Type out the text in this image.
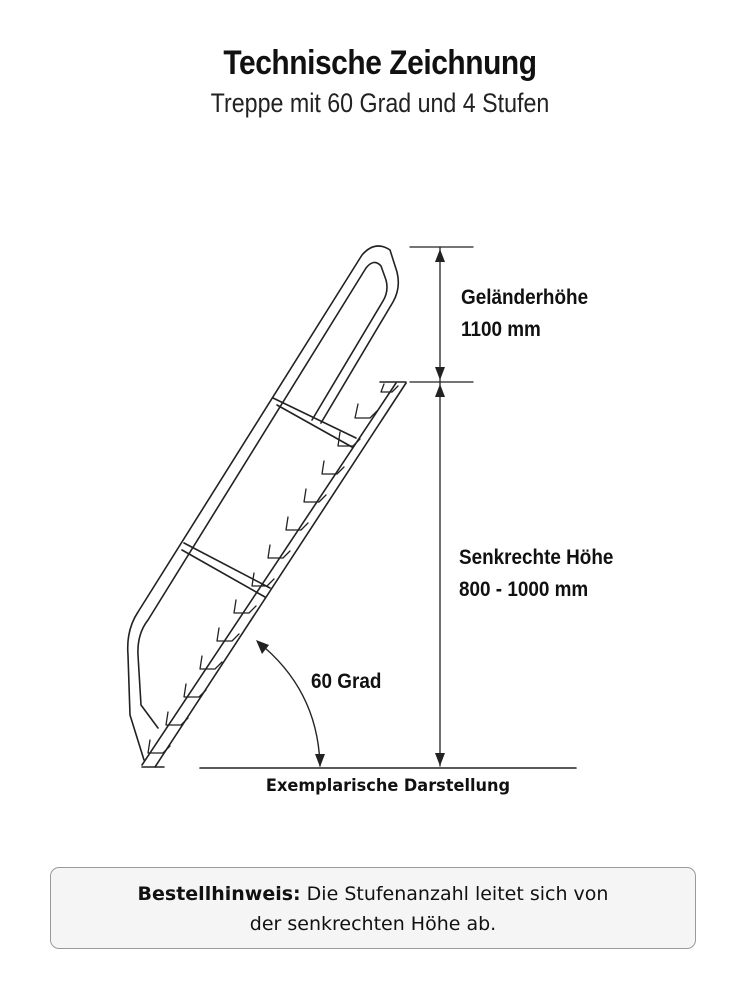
Technische Zeichnung
Treppe mit 60 Grad und 4 Stufen
Geländerhöhe
1100 mm
Senkrechte Höhe
800 - 1000 mm
60 Grad
Exemplarische Darstellung
Bestellhinweis: Die Stufenanzahl leitet sich von
der senkrechten Höhe ab.
